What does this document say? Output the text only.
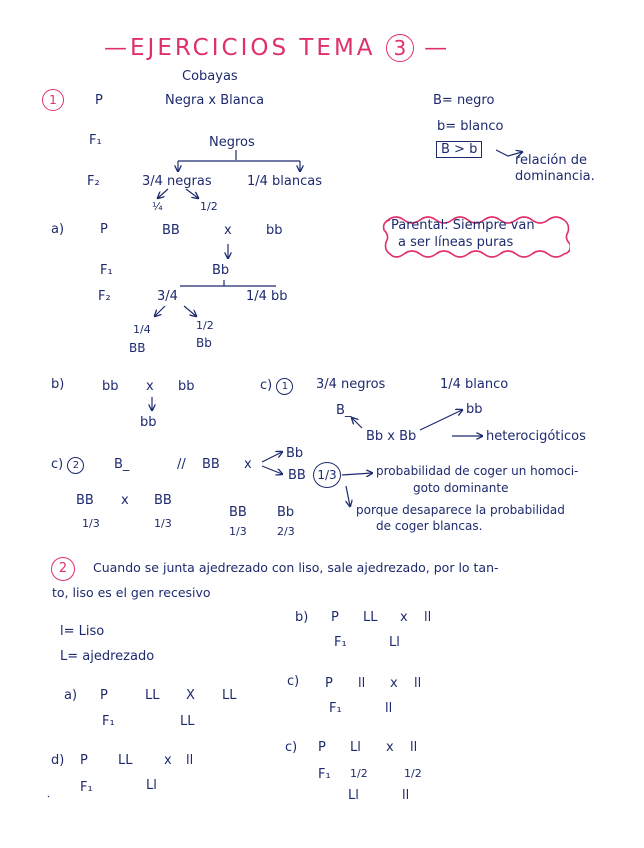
—EJERCICIOS TEMA 3 —
Cobayas
1	P	Negra x Blanca	B= negro
b= blanco
B > b
relación de
dominancia.
F₁	Negros
F₂	3/4 negras	1/4 blancas
¼	1/2
Parental: Siempre van
a ser líneas puras
a)	P	BB	x	bb
F₁	Bb
F₂	3/4	1/4 bb
1/4
BB
1/2
Bb
b)	bb x bb
bb
c) 1	3/4 negros	1/4 blanco
B_	bb
Bb x Bb	heterocigóticos
c) 2	B_	// BB x
Bb
BB 1/3	probabilidad de coger un homoci-
goto dominante
porque desaparece la probabilidad
de coger blancas.
BB x BB
1/3	1/3
BB Bb
1/3	2/3
2	Cuando se junta ajedrezado con liso, sale ajedrezado, por lo tan-
to, liso es el gen recesivo
l= Liso
L= ajedrezado
b) P LL x ll
F₁	Ll
a) P	LL X LL
F₁	LL
c) P ll x ll
F₁	ll
d) P LL x ll
F₁	Ll
c) P Ll x ll
F₁ 1/2	1/2
Ll	ll
